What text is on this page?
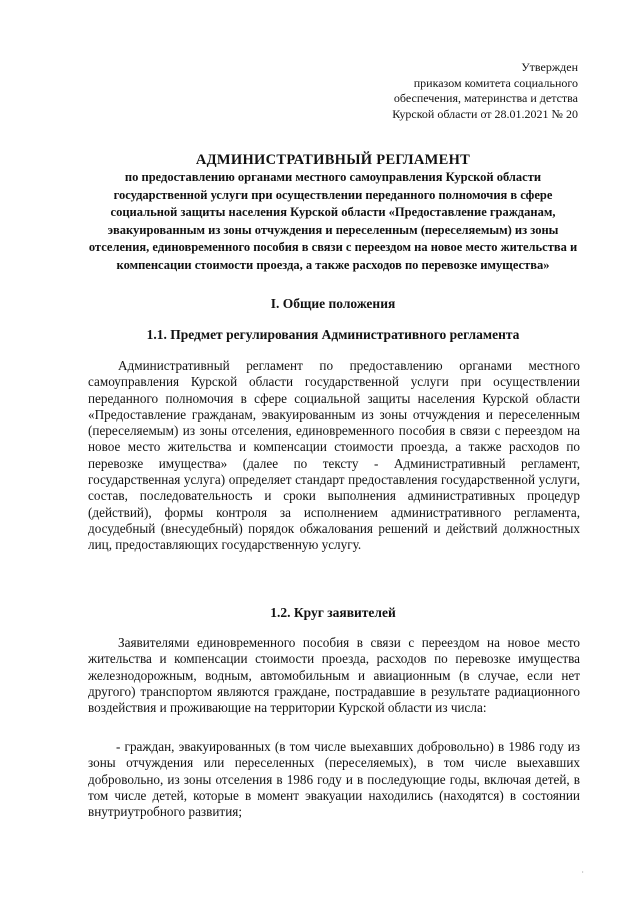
Утвержден
приказом комитета социального
обеспечения, материнства и детства
Курской области от 28.01.2021 № 20
АДМИНИСТРАТИВНЫЙ РЕГЛАМЕНТ
по предоставлению органами местного самоуправления Курской области государственной услуги при осуществлении переданного полномочия в сфере социальной защиты населения Курской области «Предоставление гражданам, эвакуированным из зоны отчуждения и переселенным (переселяемым) из зоны отселения, единовременного пособия в связи с переездом на новое место жительства и компенсации стоимости проезда, а также расходов по перевозке имущества»
I. Общие положения
1.1. Предмет регулирования Административного регламента
Административный регламент по предоставлению органами местного самоуправления Курской области государственной услуги при осуществлении переданного полномочия в сфере социальной защиты населения Курской области «Предоставление гражданам, эвакуированным из зоны отчуждения и переселенным (переселяемым) из зоны отселения, единовременного пособия в связи с переездом на новое место жительства и компенсации стоимости проезда, а также расходов по перевозке имущества» (далее по тексту - Административный регламент, государственная услуга) определяет стандарт предоставления государственной услуги, состав, последовательность и сроки выполнения административных процедур (действий), формы контроля за исполнением административного регламента, досудебный (внесудебный) порядок обжалования решений и действий должностных лиц, предоставляющих государственную услугу.
1.2. Круг заявителей
Заявителями единовременного пособия в связи с переездом на новое место жительства и компенсации стоимости проезда, расходов по перевозке имущества железнодорожным, водным, автомобильным и авиационным (в случае, если нет другого) транспортом являются граждане, пострадавшие в результате радиационного воздействия и проживающие на территории Курской области из числа:
- граждан, эвакуированных (в том числе выехавших добровольно) в 1986 году из зоны отчуждения или переселенных (переселяемых), в том числе выехавших добровольно, из зоны отселения в 1986 году и в последующие годы, включая детей, в том числе детей, которые в момент эвакуации находились (находятся) в состоянии внутриутробного развития;
·
